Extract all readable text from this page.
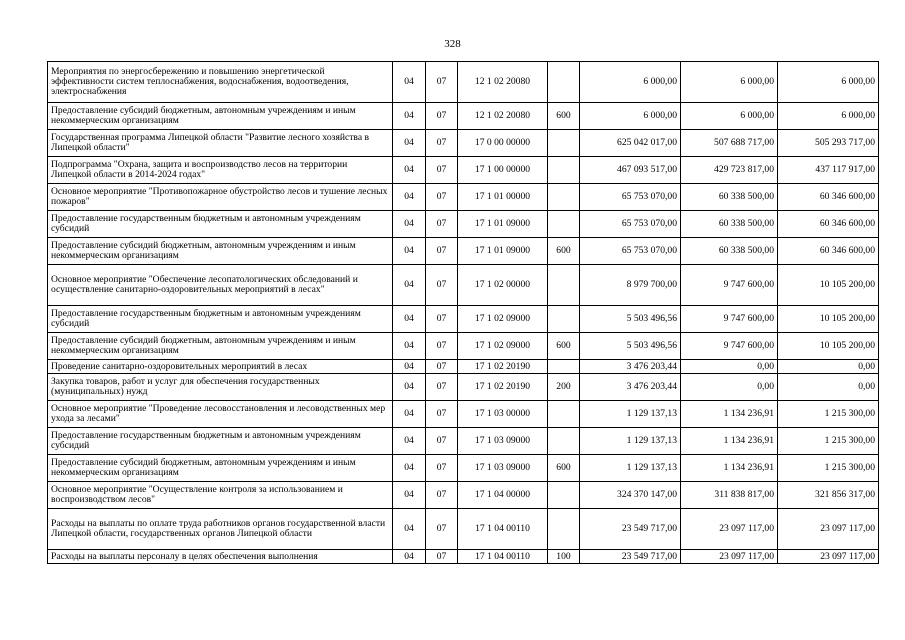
328
Мероприятия по энергосбережению и повышению энергетической эффективности систем теплоснабжения, водоснабжения, водоотведения, электроснабжения	04	07	12 1 02 20080		6 000,00	6 000,00	6 000,00
Предоставление субсидий бюджетным, автономным учреждениям и иным некоммерческим организациям	04	07	12 1 02 20080	600	6 000,00	6 000,00	6 000,00
Государственная программа Липецкой области "Развитие лесного хозяйства в Липецкой области"	04	07	17 0 00 00000		625 042 017,00	507 688 717,00	505 293 717,00
Подпрограмма "Охрана, защита и воспроизводство лесов на территории Липецкой области в 2014-2024 годах"	04	07	17 1 00 00000		467 093 517,00	429 723 817,00	437 117 917,00
Основное мероприятие "Противопожарное обустройство лесов и тушение лесных пожаров"	04	07	17 1 01 00000		65 753 070,00	60 338 500,00	60 346 600,00
Предоставление государственным бюджетным и автономным учреждениям субсидий	04	07	17 1 01 09000		65 753 070,00	60 338 500,00	60 346 600,00
Предоставление субсидий бюджетным, автономным учреждениям и иным некоммерческим организациям	04	07	17 1 01 09000	600	65 753 070,00	60 338 500,00	60 346 600,00
Основное мероприятие "Обеспечение лесопатологических обследований и осуществление санитарно-оздоровительных мероприятий в лесах"	04	07	17 1 02 00000		8 979 700,00	9 747 600,00	10 105 200,00
Предоставление государственным бюджетным и автономным учреждениям субсидий	04	07	17 1 02 09000		5 503 496,56	9 747 600,00	10 105 200,00
Предоставление субсидий бюджетным, автономным учреждениям и иным некоммерческим организациям	04	07	17 1 02 09000	600	5 503 496,56	9 747 600,00	10 105 200,00
Проведение санитарно-оздоровительных мероприятий в лесах	04	07	17 1 02 20190		3 476 203,44	0,00	0,00
Закупка товаров, работ и услуг для обеспечения государственных (муниципальных) нужд	04	07	17 1 02 20190	200	3 476 203,44	0,00	0,00
Основное мероприятие "Проведение лесовосстановления и лесоводственных мер ухода за лесами"	04	07	17 1 03 00000		1 129 137,13	1 134 236,91	1 215 300,00
Предоставление государственным бюджетным и автономным учреждениям субсидий	04	07	17 1 03 09000		1 129 137,13	1 134 236,91	1 215 300,00
Предоставление субсидий бюджетным, автономным учреждениям и иным некоммерческим организациям	04	07	17 1 03 09000	600	1 129 137,13	1 134 236,91	1 215 300,00
Основное мероприятие "Осуществление контроля за использованием и воспроизводством лесов"	04	07	17 1 04 00000		324 370 147,00	311 838 817,00	321 856 317,00
Расходы на выплаты по оплате труда работников органов государственной власти Липецкой области, государственных органов Липецкой области	04	07	17 1 04 00110		23 549 717,00	23 097 117,00	23 097 117,00
Расходы на выплаты персоналу в целях обеспечения выполнения	04	07	17 1 04 00110	100	23 549 717,00	23 097 117,00	23 097 117,00
